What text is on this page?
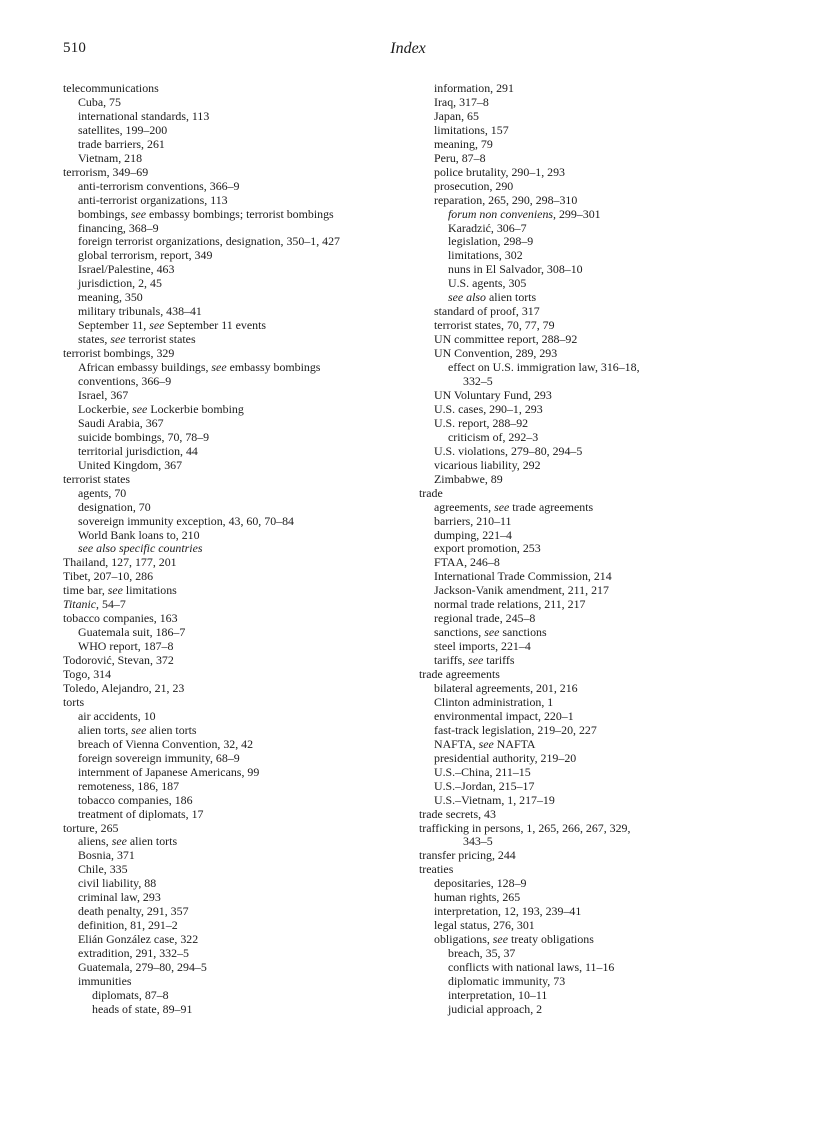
510	Index
telecommunications
Cuba, 75
international standards, 113
satellites, 199–200
trade barriers, 261
Vietnam, 218
terrorism, 349–69
anti-terrorism conventions, 366–9
anti-terrorist organizations, 113
bombings, see embassy bombings; terrorist bombings
financing, 368–9
foreign terrorist organizations, designation, 350–1, 427
global terrorism, report, 349
Israel/Palestine, 463
jurisdiction, 2, 45
meaning, 350
military tribunals, 438–41
September 11, see September 11 events
states, see terrorist states
terrorist bombings, 329
African embassy buildings, see embassy bombings
conventions, 366–9
Israel, 367
Lockerbie, see Lockerbie bombing
Saudi Arabia, 367
suicide bombings, 70, 78–9
territorial jurisdiction, 44
United Kingdom, 367
terrorist states
agents, 70
designation, 70
sovereign immunity exception, 43, 60, 70–84
World Bank loans to, 210
see also specific countries
Thailand, 127, 177, 201
Tibet, 207–10, 286
time bar, see limitations
Titanic, 54–7
tobacco companies, 163
Guatemala suit, 186–7
WHO report, 187–8
Todorović, Stevan, 372
Togo, 314
Toledo, Alejandro, 21, 23
torts
air accidents, 10
alien torts, see alien torts
breach of Vienna Convention, 32, 42
foreign sovereign immunity, 68–9
internment of Japanese Americans, 99
remoteness, 186, 187
tobacco companies, 186
treatment of diplomats, 17
torture, 265
aliens, see alien torts
Bosnia, 371
Chile, 335
civil liability, 88
criminal law, 293
death penalty, 291, 357
definition, 81, 291–2
Elián González case, 322
extradition, 291, 332–5
Guatemala, 279–80, 294–5
immunities
diplomats, 87–8
heads of state, 89–91
information, 291
Iraq, 317–8
Japan, 65
limitations, 157
meaning, 79
Peru, 87–8
police brutality, 290–1, 293
prosecution, 290
reparation, 265, 290, 298–310
forum non conveniens, 299–301
Karadzić, 306–7
legislation, 298–9
limitations, 302
nuns in El Salvador, 308–10
U.S. agents, 305
see also alien torts
standard of proof, 317
terrorist states, 70, 77, 79
UN committee report, 288–92
UN Convention, 289, 293
effect on U.S. immigration law, 316–18,
332–5
UN Voluntary Fund, 293
U.S. cases, 290–1, 293
U.S. report, 288–92
criticism of, 292–3
U.S. violations, 279–80, 294–5
vicarious liability, 292
Zimbabwe, 89
trade
agreements, see trade agreements
barriers, 210–11
dumping, 221–4
export promotion, 253
FTAA, 246–8
International Trade Commission, 214
Jackson-Vanik amendment, 211, 217
normal trade relations, 211, 217
regional trade, 245–8
sanctions, see sanctions
steel imports, 221–4
tariffs, see tariffs
trade agreements
bilateral agreements, 201, 216
Clinton administration, 1
environmental impact, 220–1
fast-track legislation, 219–20, 227
NAFTA, see NAFTA
presidential authority, 219–20
U.S.–China, 211–15
U.S.–Jordan, 215–17
U.S.–Vietnam, 1, 217–19
trade secrets, 43
trafficking in persons, 1, 265, 266, 267, 329,
343–5
transfer pricing, 244
treaties
depositaries, 128–9
human rights, 265
interpretation, 12, 193, 239–41
legal status, 276, 301
obligations, see treaty obligations
breach, 35, 37
conflicts with national laws, 11–16
diplomatic immunity, 73
interpretation, 10–11
judicial approach, 2
